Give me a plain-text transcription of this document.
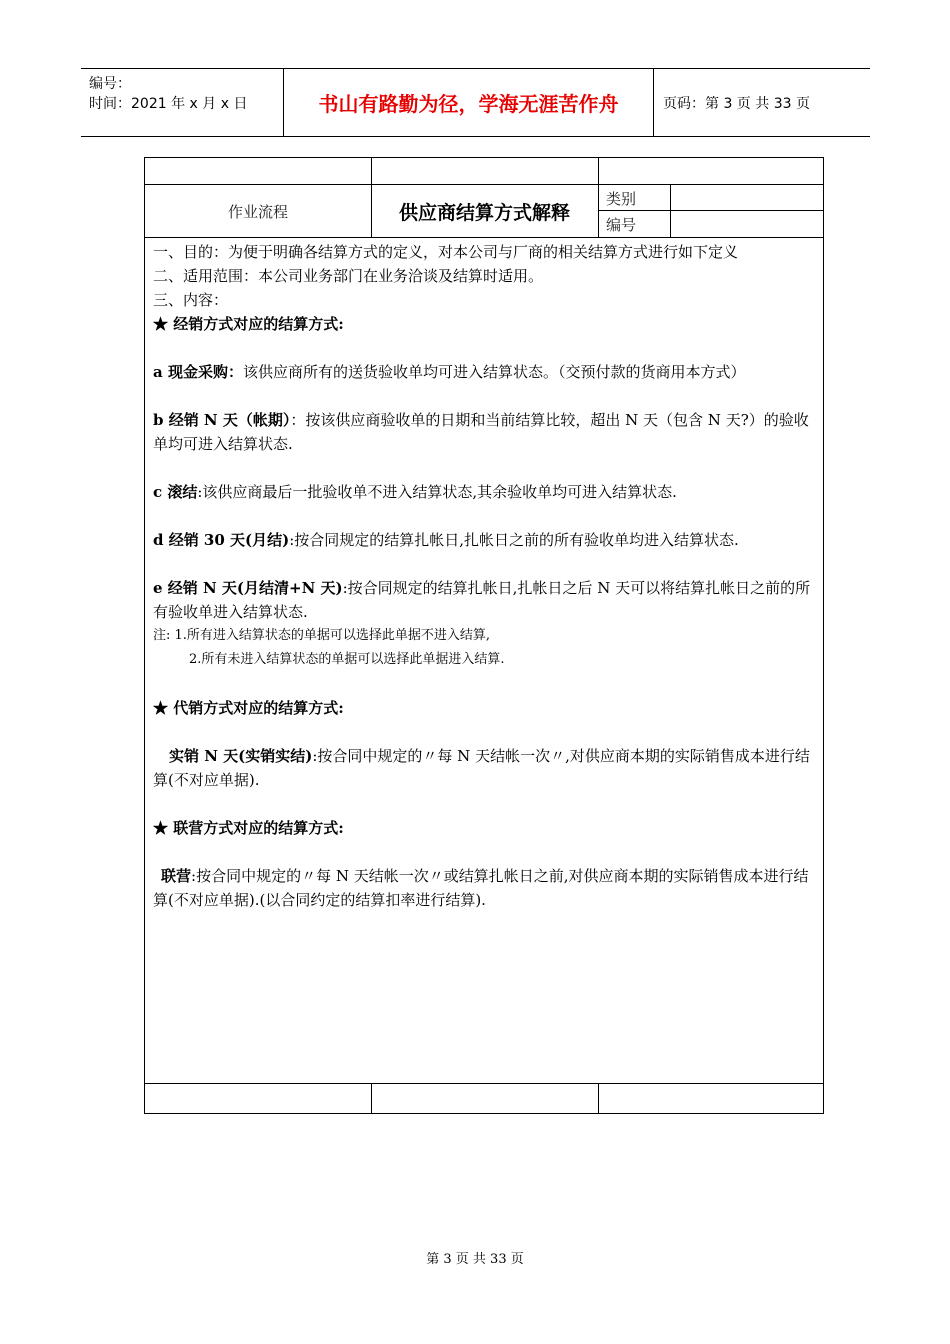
编号：
时间：2021 年 x 月 x 日	书山有路勤为径，学海无涯苦作舟	页码：第 3 页 共 33 页
作业流程	供应商结算方式解释
类别
编号

一、目的：为便于明确各结算方式的定义，对本公司与厂商的相关结算方式进行如下定义

二、适用范围：本公司业务部门在业务洽谈及结算时适用。

三、内容：

★ 经销方式对应的结算方式:

a 现金采购：该供应商所有的送货验收单均可进入结算状态。（交预付款的货商用本方式）

b 经销 N 天（帐期）：按该供应商验收单的日期和当前结算比较，超出 N 天（包含 N 天?）的验收单均可进入结算状态.

c 滚结:该供应商最后一批验收单不进入结算状态,其余验收单均可进入结算状态.

d 经销 30 天(月结):按合同规定的结算扎帐日,扎帐日之前的所有验收单均进入结算状态.

e 经销 N 天(月结清+N 天):按合同规定的结算扎帐日,扎帐日之后 N 天可以将结算扎帐日之前的所有验收单进入结算状态.

注: 1.所有进入结算状态的单据可以选择此单据不进入结算,

2.所有未进入结算状态的单据可以选择此单据进入结算.

★ 代销方式对应的结算方式:

实销 N 天(实销实结):按合同中规定的〃每 N 天结帐一次〃,对供应商本期的实际销售成本进行结算(不对应单据).

★ 联营方式对应的结算方式:

联营:按合同中规定的〃每 N 天结帐一次〃或结算扎帐日之前,对供应商本期的实际销售成本进行结算(不对应单据).(以合同约定的结算扣率进行结算).

第 3 页 共 33 页
